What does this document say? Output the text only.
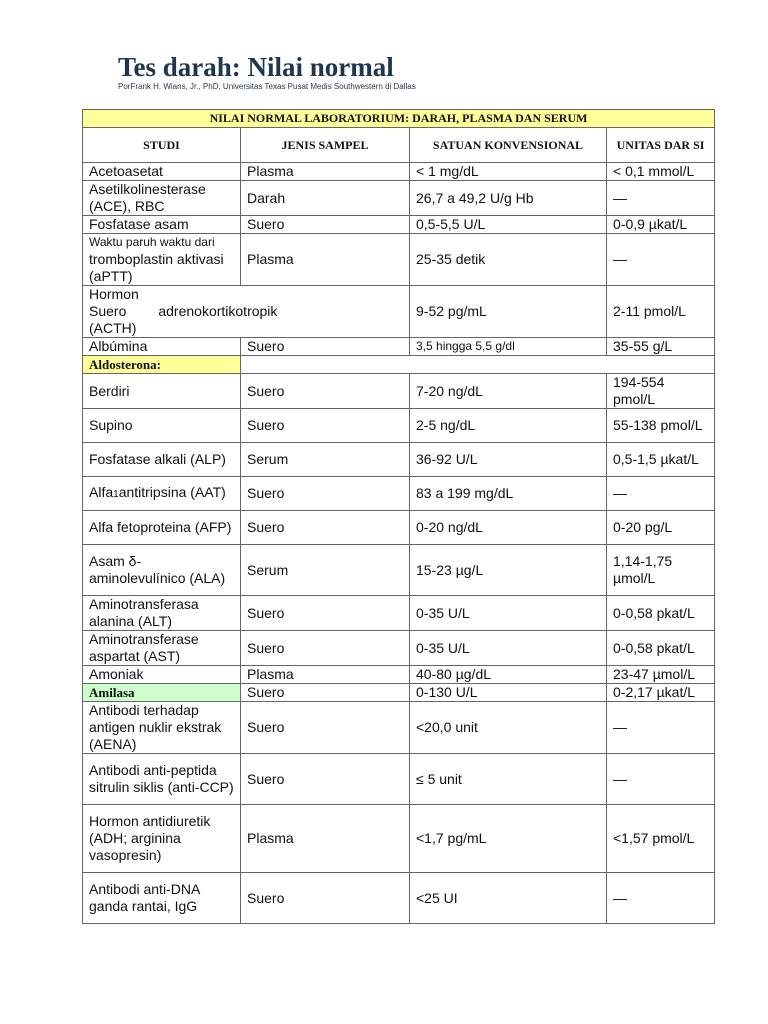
Tes darah: Nilai normal

PorFrank H. Wians, Jr., PhD, Universitas Texas Pusat Medis Southwestern di Dallas

NILAI NORMAL LABORATORIUM: DARAH, PLASMA DAN SERUM			
STUDI	JENIS SAMPEL	SATUAN KONVENSIONAL	UNITAS DAR SI
Acetoasetat	Plasma	< 1 mg/dL	< 0,1 mmol/L
Asetilkolinesterase (ACE), RBC	Darah	26,7 a 49,2 U/g Hb	—
Fosfatase asam	Suero	0,5-5,5 U/L	0-0,9 µkat/L

Waktu paruh waktu dari
tromboplastin aktivasi (aPTT)	Plasma	25-35 detik	—

Hormon
Suero adrenokortikotropik
(ACTH)		9-52 pg/mL	2-11 pmol/L
Albúmina	Suero	3,5 hingga 5,5 g/dl	35-55 g/L
Aldosterona:			
Berdiri	Suero	7-20 ng/dL	194-554 pmol/L
Supino	Suero	2-5 ng/dL	55-138 pmol/L
Fosfatase alkali (ALP)	Serum	36-92 U/L	0,5-1,5 µkat/L
Alfa1antitripsina (AAT)	Suero	83 a 199 mg/dL	—
Alfa fetoproteina (AFP)	Suero	0-20 ng/dL	0-20 pg/L
Asam δ-aminolevulínico (ALA)	Serum	15-23 µg/L	1,14-1,75 µmol/L
Aminotransferasa alanina (ALT)	Suero	0-35 U/L	0-0,58 pkat/L
Aminotransferase aspartat (AST)	Suero	0-35 U/L	0-0,58 pkat/L
Amoniak	Plasma	40-80 µg/dL	23-47 µmol/L
Amilasa	Suero	0-130 U/L	0-2,17 µkat/L
Antibodi terhadap antigen nuklir ekstrak (AENA)	Suero	<20,0 unit	—
Antibodi anti-peptida sitrulin siklis (anti-CCP)	Suero	≤ 5 unit	—
Hormon antidiuretik (ADH; arginina vasopresin)	Plasma	<1,7 pg/mL	<1,57 pmol/L
Antibodi anti-DNA ganda rantai, IgG	Suero	<25 UI	—
